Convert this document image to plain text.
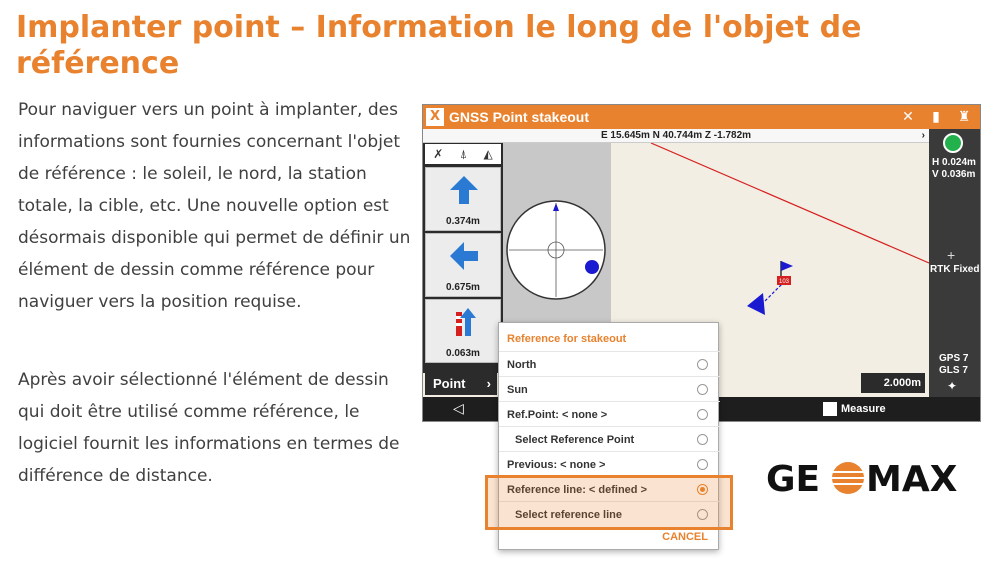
Implanter point – Information le long de l'objet de référence
Pour naviguer vers un point à implanter, des informations sont fournies concernant l'objet de référence : le soleil, le nord, la station totale, la cible, etc. Une nouvelle option est désormais disponible qui permet de définir un élément de dessin comme référence pour naviguer vers la position requise.
Après avoir sélectionné l'élément de dessin qui doit être utilisé comme référence, le logiciel fournit les informations en termes de différence de distance.
103
X GNSS Point stakeout	✕	▮	♜
E 15.645m N 40.744m Z -1.782m	›
✗ ⍋ ◭
0.374m
0.675m
0.063m
Point ›
H 0.024m
V 0.036m
+
RTK Fixed
GPS 7
GLS 7
✦
2.000m
◁	Measure
Reference for stakeout
North
Sun
Ref.Point: < none >
Select Reference Point
Previous: < none >
Reference line: < defined >
Select reference line
CANCEL
GE MAX
